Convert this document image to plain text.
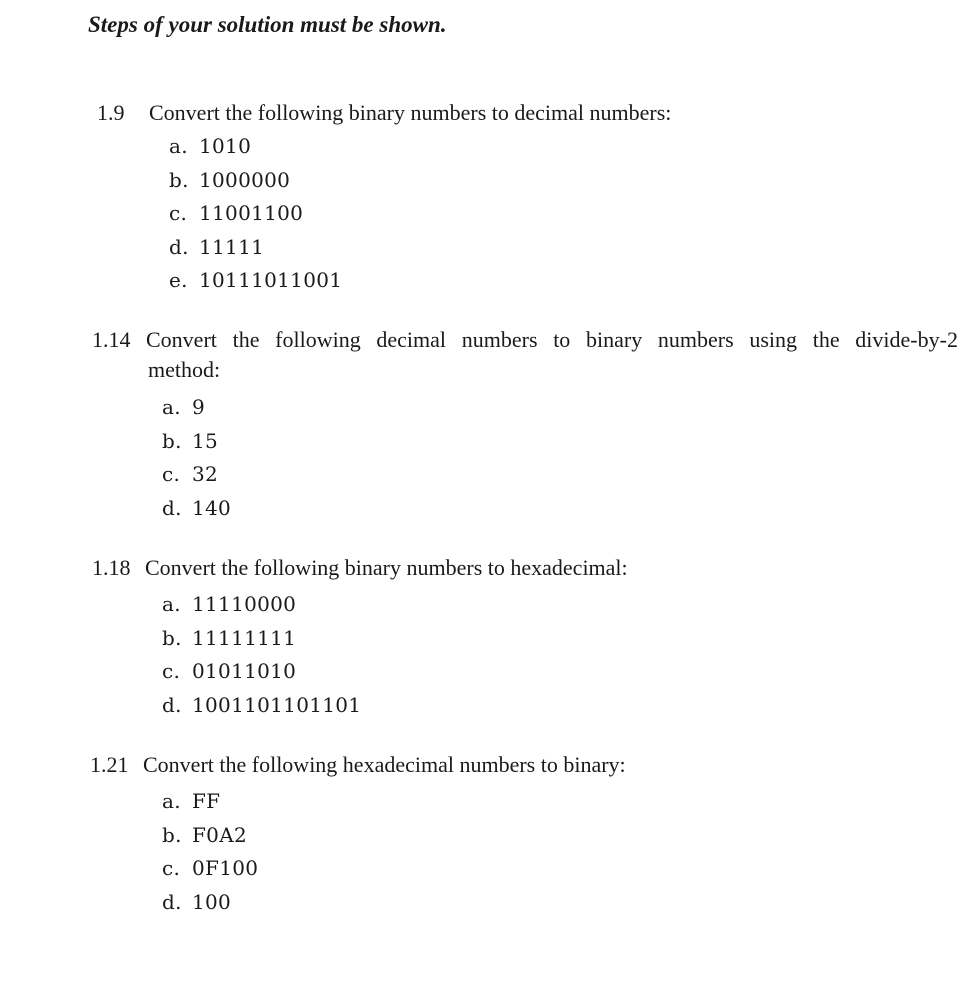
Steps of your solution must be shown.
1.9	Convert the following binary numbers to decimal numbers:
a. 1010
b. 1000000
c. 11001100
d. 11111
e. 10111011001
1.14 Convert the following decimal numbers to binary numbers using the divide-by-2
method:
a. 9
b. 15
c. 32
d. 140
1.18 Convert the following binary numbers to hexadecimal:
a. 11110000
b. 11111111
c. 01011010
d. 1001101101101
1.21 Convert the following hexadecimal numbers to binary:
a. FF
b. F0A2
c. 0F100
d. 100
